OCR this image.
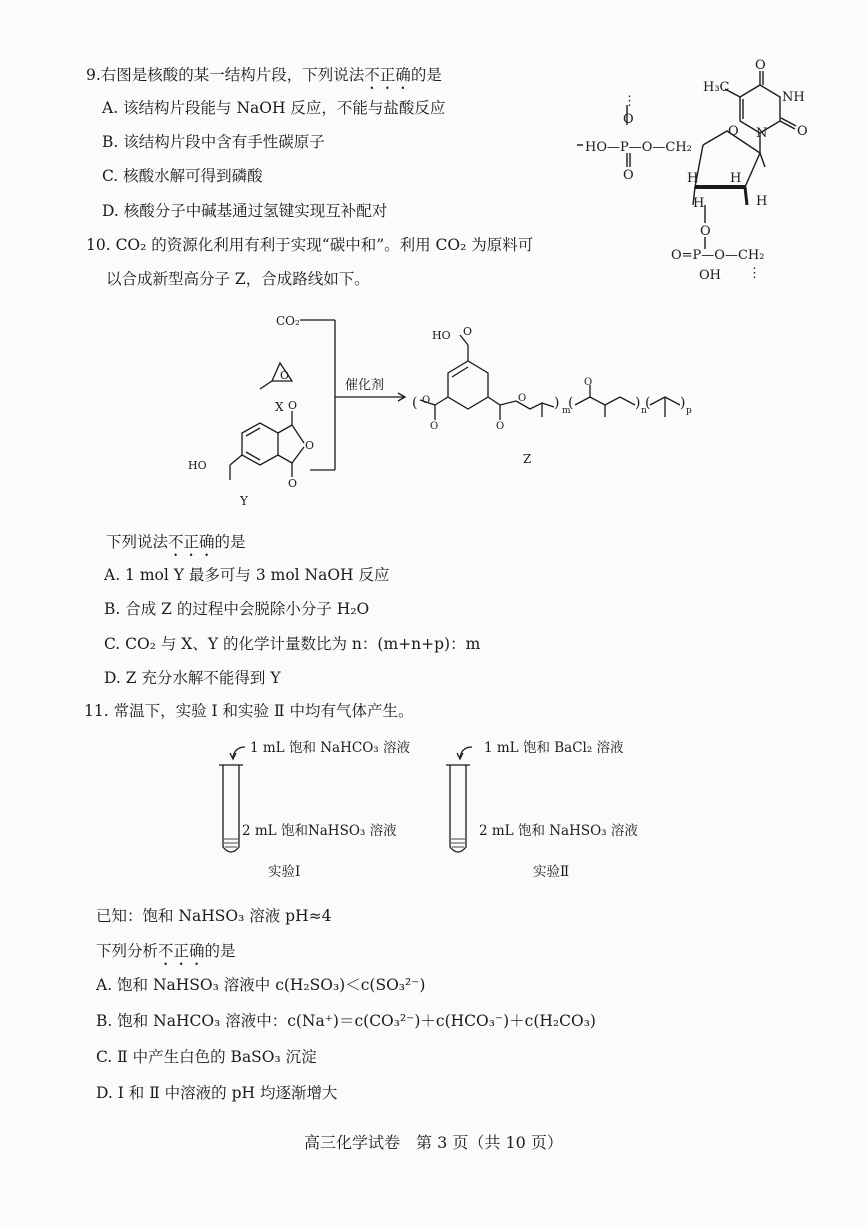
9.右图是核酸的某一结构片段，下列说法不正确的是
A. 该结构片段能与 NaOH 反应，不能与盐酸反应
B. 该结构片段中含有手性碳原子
C. 核酸水解可得到磷酸
D. 核酸分子中碱基通过氢键实现互补配对
H₃C
O
NH
N O
⋮
O
HO—P—O—CH₂
O
O
H H
H	H
O
O=P—O—CH₂
OH ⋮
10. CO₂ 的资源化利用有利于实现“碳中和”。利用 CO₂ 为原料可
以合成新型高分子 Z，合成路线如下。
CO₂
O
X O
O
O
HO
Y
催化剂
HO O
( O
O	O
O ) m
(
O
) n
( ) p
Z
下列说法不正确的是
A. 1 mol Y 最多可与 3 mol NaOH 反应
B. 合成 Z 的过程中会脱除小分子 H₂O
C. CO₂ 与 X、Y 的化学计量数比为 n：(m+n+p)：m
D. Z 充分水解不能得到 Y
11. 常温下，实验 Ⅰ 和实验 Ⅱ 中均有气体产生。
1 mL 饱和 NaHCO₃ 溶液
2 mL 饱和NaHSO₃ 溶液
实验Ⅰ
1 mL 饱和 BaCl₂ 溶液
2 mL 饱和 NaHSO₃ 溶液
实验Ⅱ
已知：饱和 NaHSO₃ 溶液 pH≈4
下列分析不正确的是
A. 饱和 NaHSO₃ 溶液中 c(H₂SO₃)＜c(SO₃²⁻)
B. 饱和 NaHCO₃ 溶液中：c(Na⁺)＝c(CO₃²⁻)＋c(HCO₃⁻)＋c(H₂CO₃)
C. Ⅱ 中产生白色的 BaSO₃ 沉淀
D. Ⅰ 和 Ⅱ 中溶液的 pH 均逐渐增大
高三化学试卷　第 3 页（共 10 页）
